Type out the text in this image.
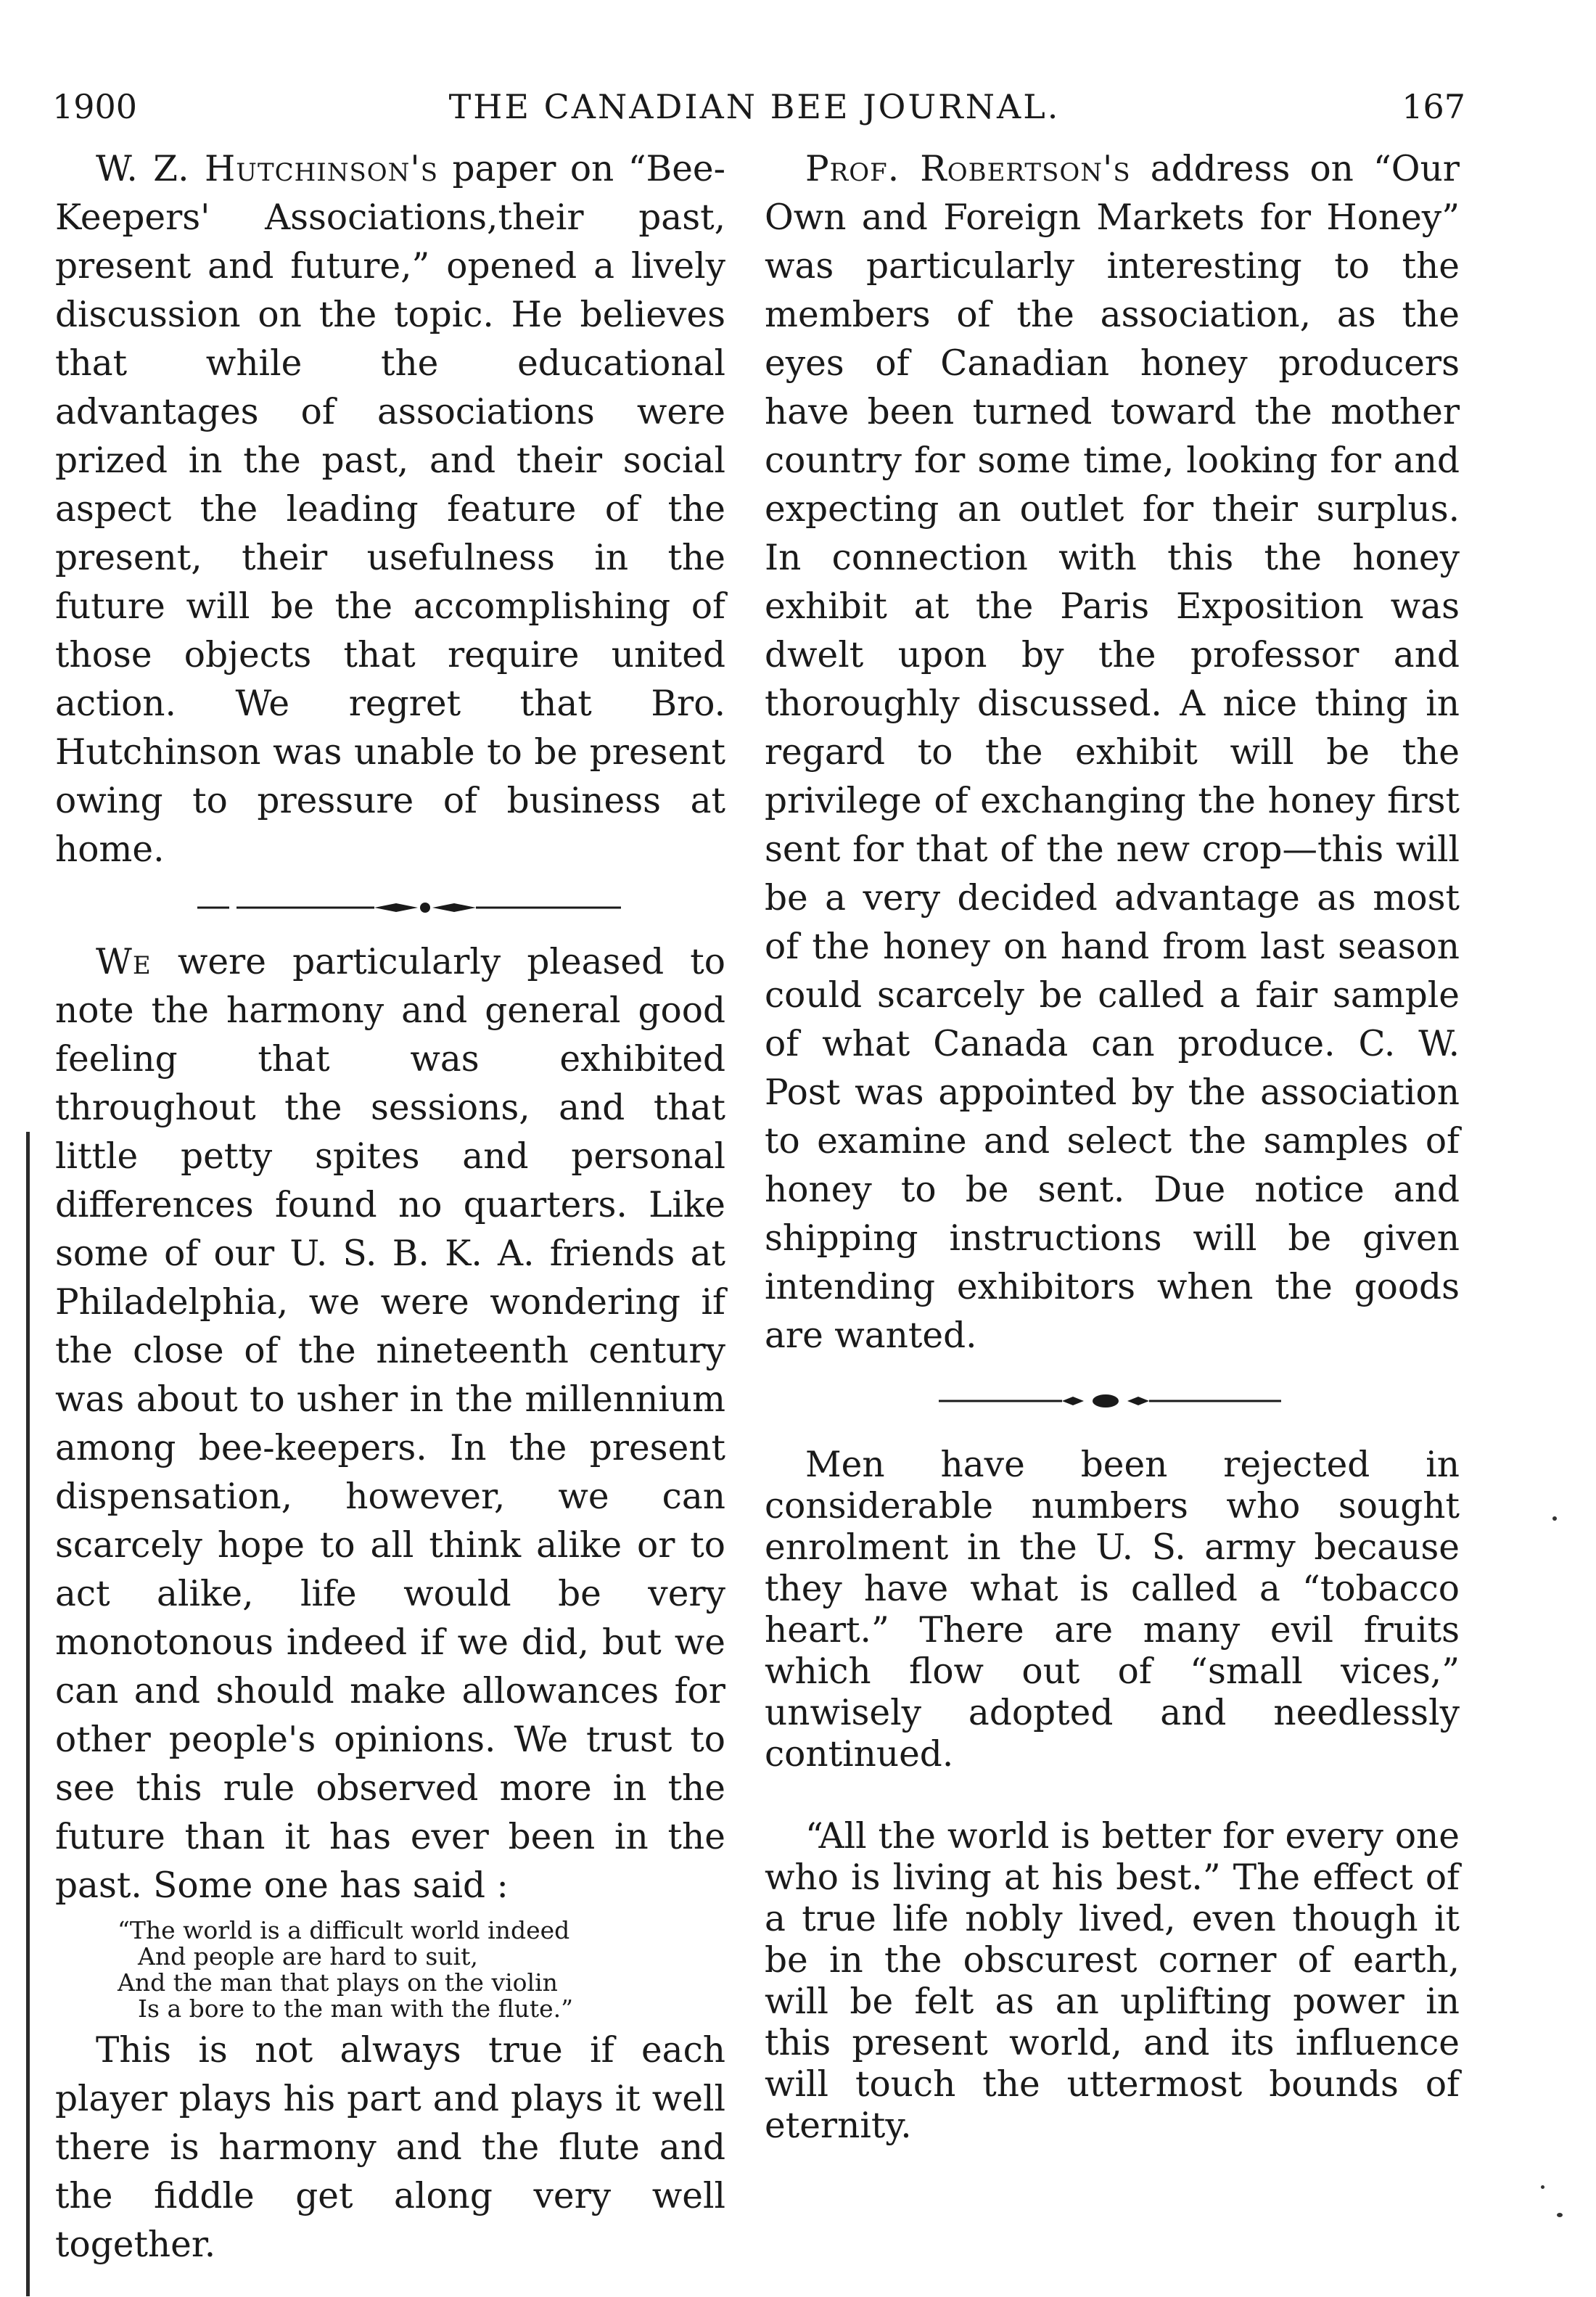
1900	THE CANADIAN BEE JOURNAL.	167

W. Z. Hutchinson's paper on “Bee-Keepers' Associations,their past, present and future,” opened a lively discussion on the topic. He believes that while the educational advantages of associations were prized in the past, and their social aspect the leading feature of the present, their usefulness in the future will be the accomplishing of those objects that require united action. We regret that Bro. Hutchinson was unable to be present owing to pressure of business at home.

We were particularly pleased to note the harmony and general good feeling that was exhibited throughout the sessions, and that little petty spites and personal differences found no quarters. Like some of our U. S. B. K. A. friends at Philadelphia, we were wondering if the close of the nineteenth century was about to usher in the millennium among bee-keepers. In the present dispensation, however, we can scarcely hope to all think alike or to act alike, life would be very monotonous indeed if we did, but we can and should make allowances for other people's opinions. We trust to see this rule observed more in the future than it has ever been in the past. Some one has said :

“The world is a difficult world indeed
And people are hard to suit,
And the man that plays on the violin
Is a bore to the man with the flute.”

This is not always true if each player plays his part and plays it well there is harmony and the flute and the fiddle get along very well together.

Prof. Robertson's address on “Our Own and Foreign Markets for Honey” was particularly interesting to the members of the association, as the eyes of Canadian honey producers have been turned toward the mother country for some time, looking for and expecting an outlet for their surplus. In connection with this the honey exhibit at the Paris Exposition was dwelt upon by the professor and thoroughly discussed. A nice thing in regard to the exhibit will be the privilege of exchanging the honey first sent for that of the new crop—this will be a very decided advantage as most of the honey on hand from last season could scarcely be called a fair sample of what Canada can produce. C. W. Post was appointed by the association to examine and select the samples of honey to be sent. Due notice and shipping instructions will be given intending exhibitors when the goods are wanted.

Men have been rejected in considerable numbers who sought enrolment in the U. S. army because they have what is called a “tobacco heart.” There are many evil fruits which flow out of “small vices,” unwisely adopted and needlessly continued.

“All the world is better for every one who is living at his best.” The effect of a true life nobly lived, even though it be in the obscurest corner of earth, will be felt as an uplifting power in this present world, and its influence will touch the uttermost bounds of eternity.
